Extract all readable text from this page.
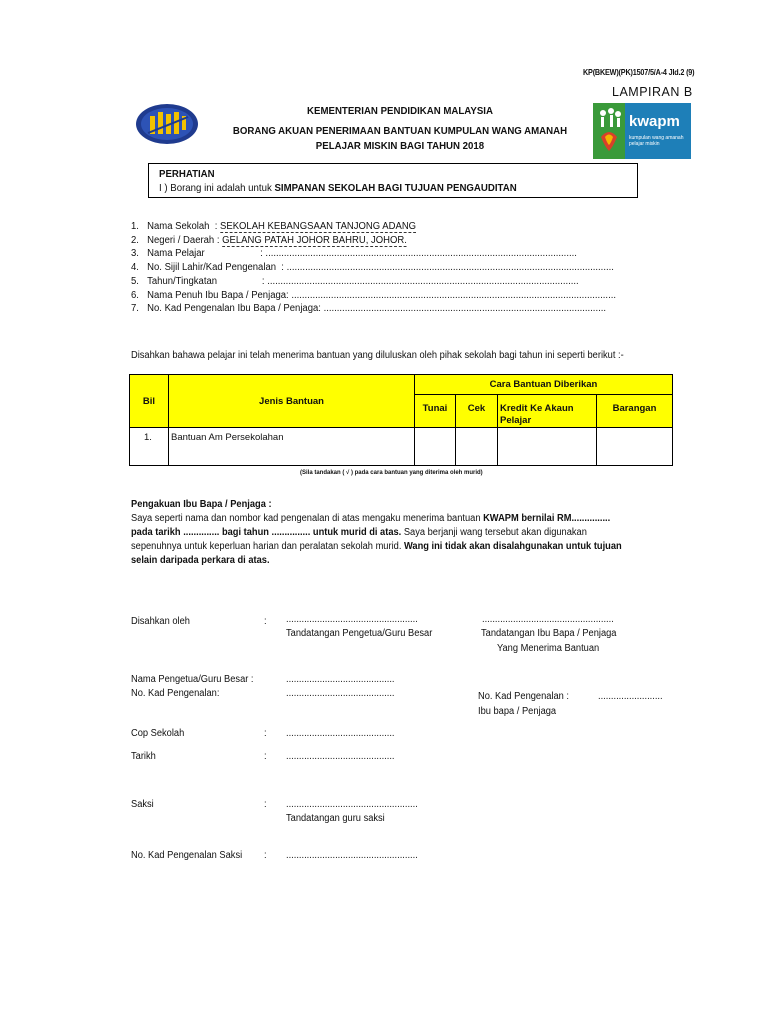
KP(BKEW)(PK)1507/5/A-4 Jld.2 (9)
LAMPIRAN B
KEMENTERIAN PENDIDIKAN MALAYSIA
BORANG AKUAN PENERIMAAN BANTUAN KUMPULAN WANG AMANAH
PELAJAR MISKIN BAGI TAHUN 2018
kwapm
kumpulan wang amanah pelajar miskin
PERHATIAN
I ) Borang ini adalah untuk SIMPANAN SEKOLAH BAGI TUJUAN PENGAUDITAN
1. Nama Sekolah  : SEKOLAH KEBANGSAAN TANJONG ADANG
2. Negeri / Daerah : GELANG PATAH JOHOR BAHRU, JOHOR.
3. Nama Pelajar                     : ......................................................................................................................
4. No. Sijil Lahir/Kad Pengenalan  : ............................................................................................................................
5. Tahun/Tingkatan                 : ......................................................................................................................
6. Nama Penuh Ibu Bapa / Penjaga: ...........................................................................................................................
7. No. Kad Pengenalan Ibu Bapa / Penjaga: ...........................................................................................................
Disahkan bahawa pelajar ini telah menerima bantuan yang diluluskan oleh pihak sekolah bagi tahun ini seperti berikut :-
Bil	Jenis Bantuan	Cara Bantuan Diberikan			
		Tunai	Cek	Kredit Ke Akaun Pelajar	Barangan
1.	Bantuan Am Persekolahan				
(Sila tandakan ( √ ) pada cara bantuan yang diterima oleh murid)
Pengakuan Ibu Bapa / Penjaga :
Saya seperti nama dan nombor kad pengenalan di atas mengaku menerima bantuan KWAPM bernilai RM...............
pada tarikh .............. bagi tahun ............... untuk murid di atas. Saya berjanji wang tersebut akan digunakan
sepenuhnya untuk keperluan harian dan peralatan sekolah murid. Wang ini tidak akan disalahgunakan untuk tujuan
selain daripada perkara di atas.
Disahkan oleh	: ...................................................	...................................................
Tandatangan Pengetua/Guru Besar	Tandatangan Ibu Bapa / Penjaga
Yang Menerima Bantuan
Nama Pengetua/Guru Besar :	..........................................
No. Kad Pengenalan:	..........................................	No. Kad Pengenalan :	.........................
Ibu bapa / Penjaga
Cop Sekolah	: ..........................................
Tarikh	: ..........................................
Saksi	: ...................................................
Tandatangan guru saksi
No. Kad Pengenalan Saksi : ...................................................
